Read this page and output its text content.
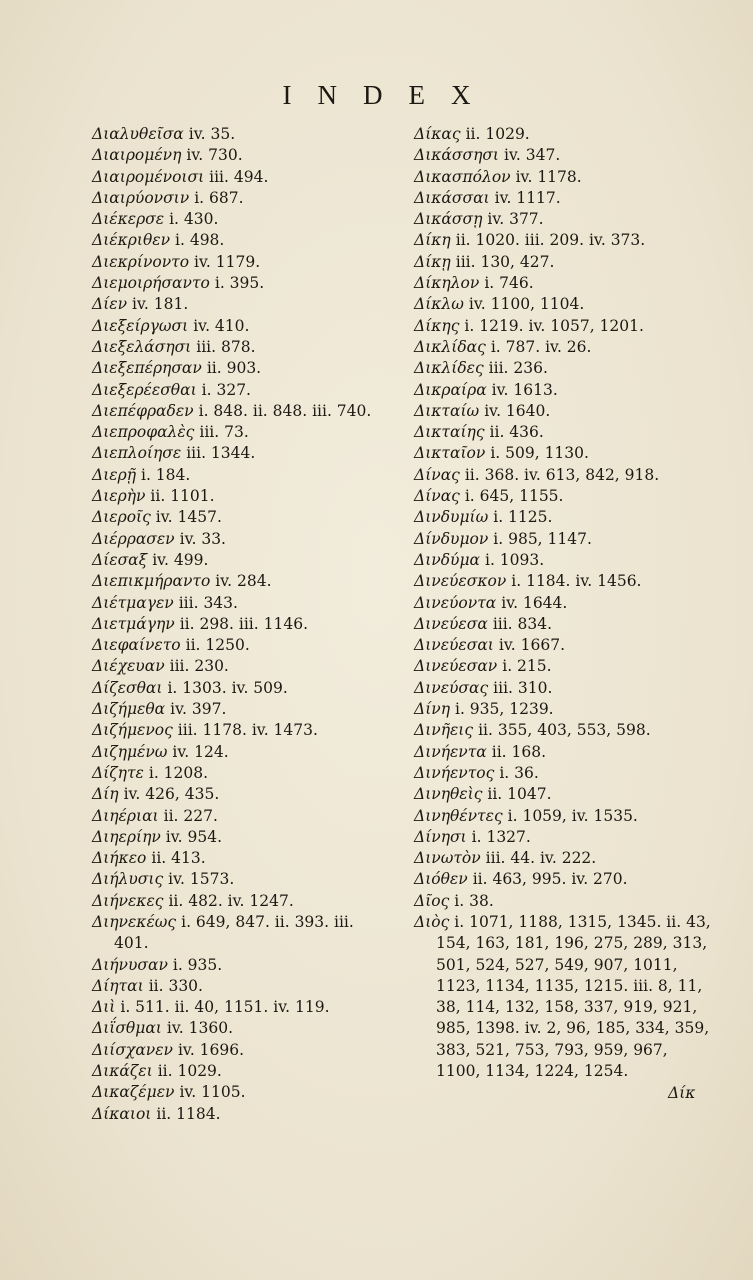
INDEX
Διαλυθεῖσα iv. 35.
Διαιρομένη iv. 730.
Διαιρομένοισι iii. 494.
Διαιρύονσιν i. 687.
Διέκερσε i. 430.
Διέκριθεν i. 498.
Διεκρίνοντο iv. 1179.
Διεμοιρήσαντο i. 395.
Δίεν iv. 181.
Διεξείργωσι iv. 410.
Διεξελάσησι iii. 878.
Διεξεπέρησαν ii. 903.
Διεξερέεσθαι i. 327.
Διεπέφραδεν i. 848. ii. 848. iii. 740.
Διεπροφαλὲς iii. 73.
Διεπλοίησε iii. 1344.
Διερῇ i. 184.
Διερὴν ii. 1101.
Διεροῖς iv. 1457.
Διέρρασεν iv. 33.
Δίεσαξ iv. 499.
Διεπικμήραντο iv. 284.
Διέτμαγεν iii. 343.
Διετμάγην ii. 298. iii. 1146.
Διεφαίνετο ii. 1250.
Διέχευαν iii. 230.
Δίζεσθαι i. 1303. iv. 509.
Διζήμεθα iv. 397.
Διζήμενος iii. 1178. iv. 1473.
Διζημένω iv. 124.
Δίζητε i. 1208.
Δίη iv. 426, 435.
Διηέριαι ii. 227.
Διηερίην iv. 954.
Διήκεο ii. 413.
Διήλυσις iv. 1573.
Διήνεκες ii. 482. iv. 1247.
Διηνεκέως i. 649, 847. ii. 393. iii. 401.
Διήνυσαν i. 935.
Δίηται ii. 330.
Διὶ i. 511. ii. 40, 1151. iv. 119.
Διΐσθμαι iv. 1360.
Διίσχανεν iv. 1696.
Δικάζει ii. 1029.
Δικαζέμεν iv. 1105.
Δίκαιοι ii. 1184.
Δίκας ii. 1029.
Δικάσσησι iv. 347.
Δικασπόλον iv. 1178.
Δικάσσαι iv. 1117.
Δικάσσῃ iv. 377.
Δίκη ii. 1020. iii. 209. iv. 373.
Δίκῃ iii. 130, 427.
Δίκηλον i. 746.
Δίκλω iv. 1100, 1104.
Δίκης i. 1219. iv. 1057, 1201.
Δικλίδας i. 787. iv. 26.
Δικλίδες iii. 236.
Δικραίρα iv. 1613.
Δικταίω iv. 1640.
Δικταίης ii. 436.
Δικταῖον i. 509, 1130.
Δίνας ii. 368. iv. 613, 842, 918.
Δίνας i. 645, 1155.
Δινδυμίω i. 1125.
Δίνδυμον i. 985, 1147.
Δινδύμα i. 1093.
Δινεύεσκον i. 1184. iv. 1456.
Δινεύοντα iv. 1644.
Δινεύεσα iii. 834.
Δινεύεσαι iv. 1667.
Δινεύεσαν i. 215.
Δινεύσας iii. 310.
Δίνη i. 935, 1239.
Δινῆεις ii. 355, 403, 553, 598.
Δινήεντα ii. 168.
Δινήεντος i. 36.
Δινηθεὶς ii. 1047.
Δινηθέντες i. 1059, iv. 1535.
Δίνησι i. 1327.
Δινωτὸν iii. 44. iv. 222.
Διόθεν ii. 463, 995. iv. 270.
Δῖος i. 38.
Διὸς i. 1071, 1188, 1315, 1345. ii. 43, 154, 163, 181, 196, 275, 289, 313, 501, 524, 527, 549, 907, 1011, 1123, 1134, 1135, 1215. iii. 8, 11, 38, 114, 132, 158, 337, 919, 921, 985, 1398. iv. 2, 96, 185, 334, 359, 383, 521, 753, 793, 959, 967, 1100, 1134, 1224, 1254.
Δίκ
